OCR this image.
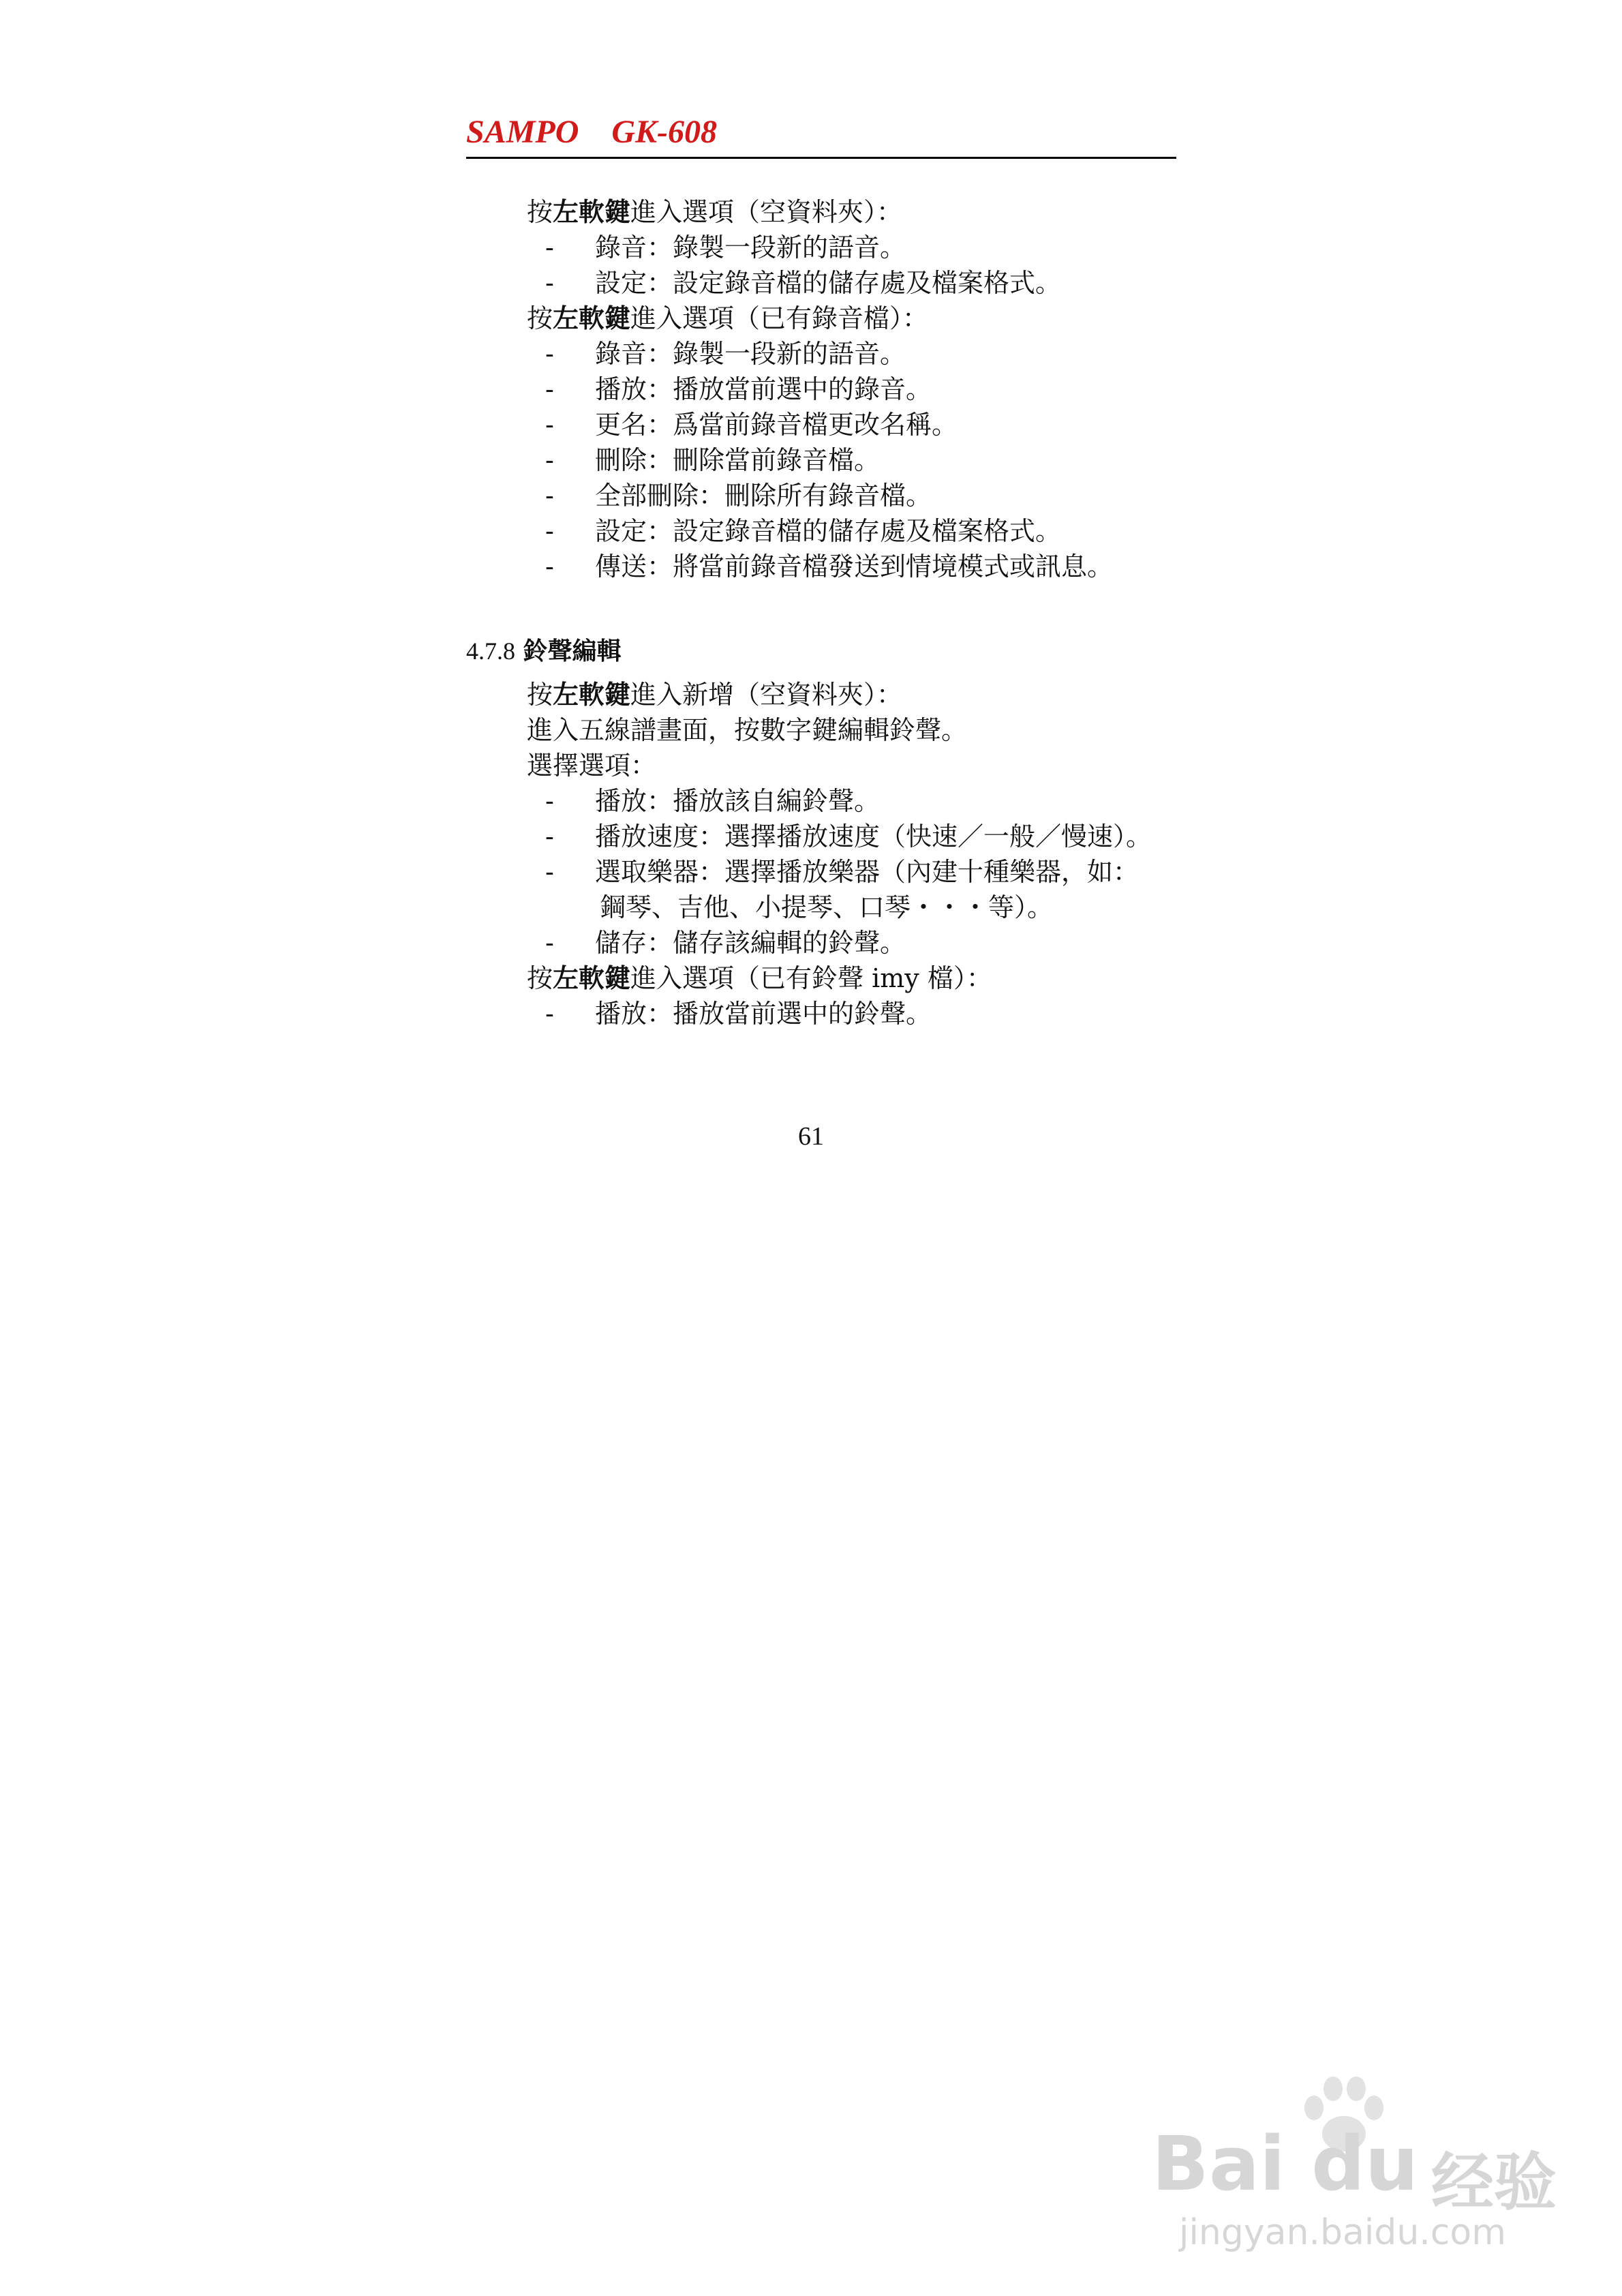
SAMPO    GK-608
按左軟鍵進入選項（空資料夾）：
- 錄音：錄製一段新的語音。
- 設定：設定錄音檔的儲存處及檔案格式。
按左軟鍵進入選項（已有錄音檔）：
- 錄音：錄製一段新的語音。
- 播放：播放當前選中的錄音。
- 更名：爲當前錄音檔更改名稱。
- 刪除：刪除當前錄音檔。
- 全部刪除：刪除所有錄音檔。
- 設定：設定錄音檔的儲存處及檔案格式。
- 傳送：將當前錄音檔發送到情境模式或訊息。
4.7.8 鈴聲編輯
按左軟鍵進入新增（空資料夾）：
進入五線譜畫面，按數字鍵編輯鈴聲。
選擇選項：
- 播放：播放該自編鈴聲。
- 播放速度：選擇播放速度（快速／一般／慢速）。
- 選取樂器：選擇播放樂器（內建十種樂器，如：
鋼琴、吉他、小提琴、口琴・・・等）。
- 儲存：儲存該編輯的鈴聲。
按左軟鍵進入選項（已有鈴聲 imy 檔）：
- 播放：播放當前選中的鈴聲。
61
Bai du 经验
jingyan.baidu.com
